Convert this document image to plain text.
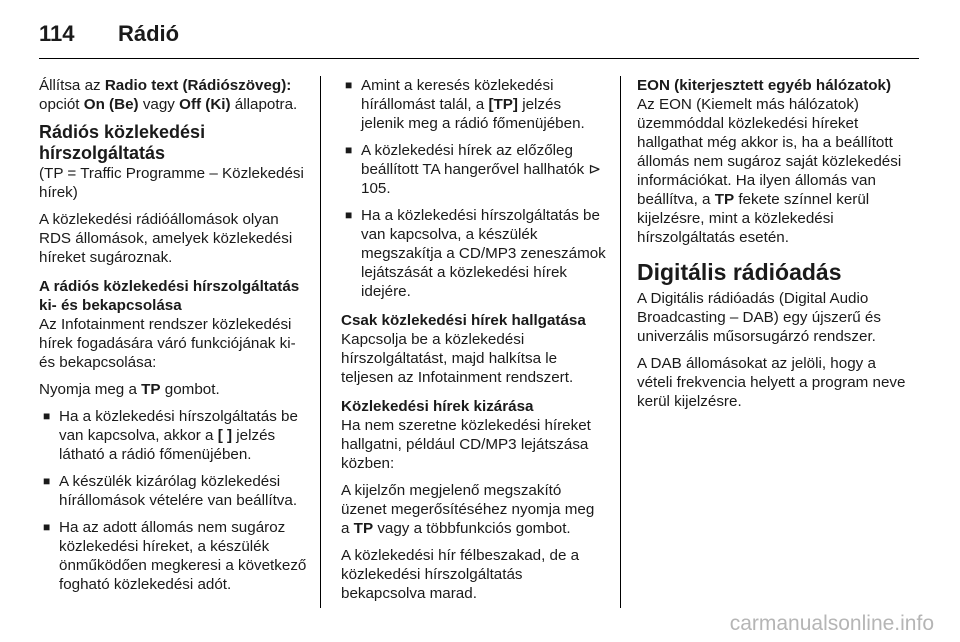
114 Rádió

Állítsa az Radio text (Rádiószöveg): opciót On (Be) vagy Off (Ki) állapotra.

Rádiós közlekedési hírszolgáltatás

(TP = Traffic Programme – Közlekedési hírek)

A közlekedési rádióállomások olyan RDS állomások, amelyek közlekedési híreket sugároznak.

A rádiós közlekedési hírszolgáltatás ki- és bekapcsolása

Az Infotainment rendszer közlekedési hírek fogadására váró funkciójának ki- és bekapcsolása:

Nyomja meg a TP gombot.

■ Ha a közlekedési hírszolgáltatás be van kapcsolva, akkor a [ ] jelzés látható a rádió főmenüjében.
■ A készülék kizárólag közlekedési hírállomások vételére van beállítva.
■ Ha az adott állomás nem sugároz közlekedési híreket, a készülék önműködően megkeresi a következő fogható közlekedési adót.
■ Amint a keresés közlekedési hírállomást talál, a [TP] jelzés jelenik meg a rádió főmenüjében.
■ A közlekedési hírek az előzőleg beállított TA hangerővel hallhatók ⊳ 105.
■ Ha a közlekedési hírszolgáltatás be van kapcsolva, a készülék megszakítja a CD/MP3 zeneszámok lejátszását a közlekedési hírek idejére.
Csak közlekedési hírek hallgatása

Kapcsolja be a közlekedési hírszolgáltatást, majd halkítsa le teljesen az Infotainment rendszert.

Közlekedési hírek kizárása

Ha nem szeretne közlekedési híreket hallgatni, például CD/MP3 lejátszása közben:

A kijelzőn megjelenő megszakító üzenet megerősítéséhez nyomja meg a TP vagy a többfunkciós gombot.

A közlekedési hír félbeszakad, de a közlekedési hírszolgáltatás bekapcsolva marad.

EON (kiterjesztett egyéb hálózatok)

Az EON (Kiemelt más hálózatok) üzemmóddal közlekedési híreket hallgathat még akkor is, ha a beállított állomás nem sugároz saját közlekedési információkat. Ha ilyen állomás van beállítva, a TP fekete színnel kerül kijelzésre, mint a közlekedési hírszolgáltatás esetén.

Digitális rádióadás

A Digitális rádióadás (Digital Audio Broadcasting – DAB) egy újszerű és univerzális műsorsugárzó rendszer.

A DAB állomásokat az jelöli, hogy a vételi frekvencia helyett a program neve kerül kijelzésre.

carmanualsonline.info
